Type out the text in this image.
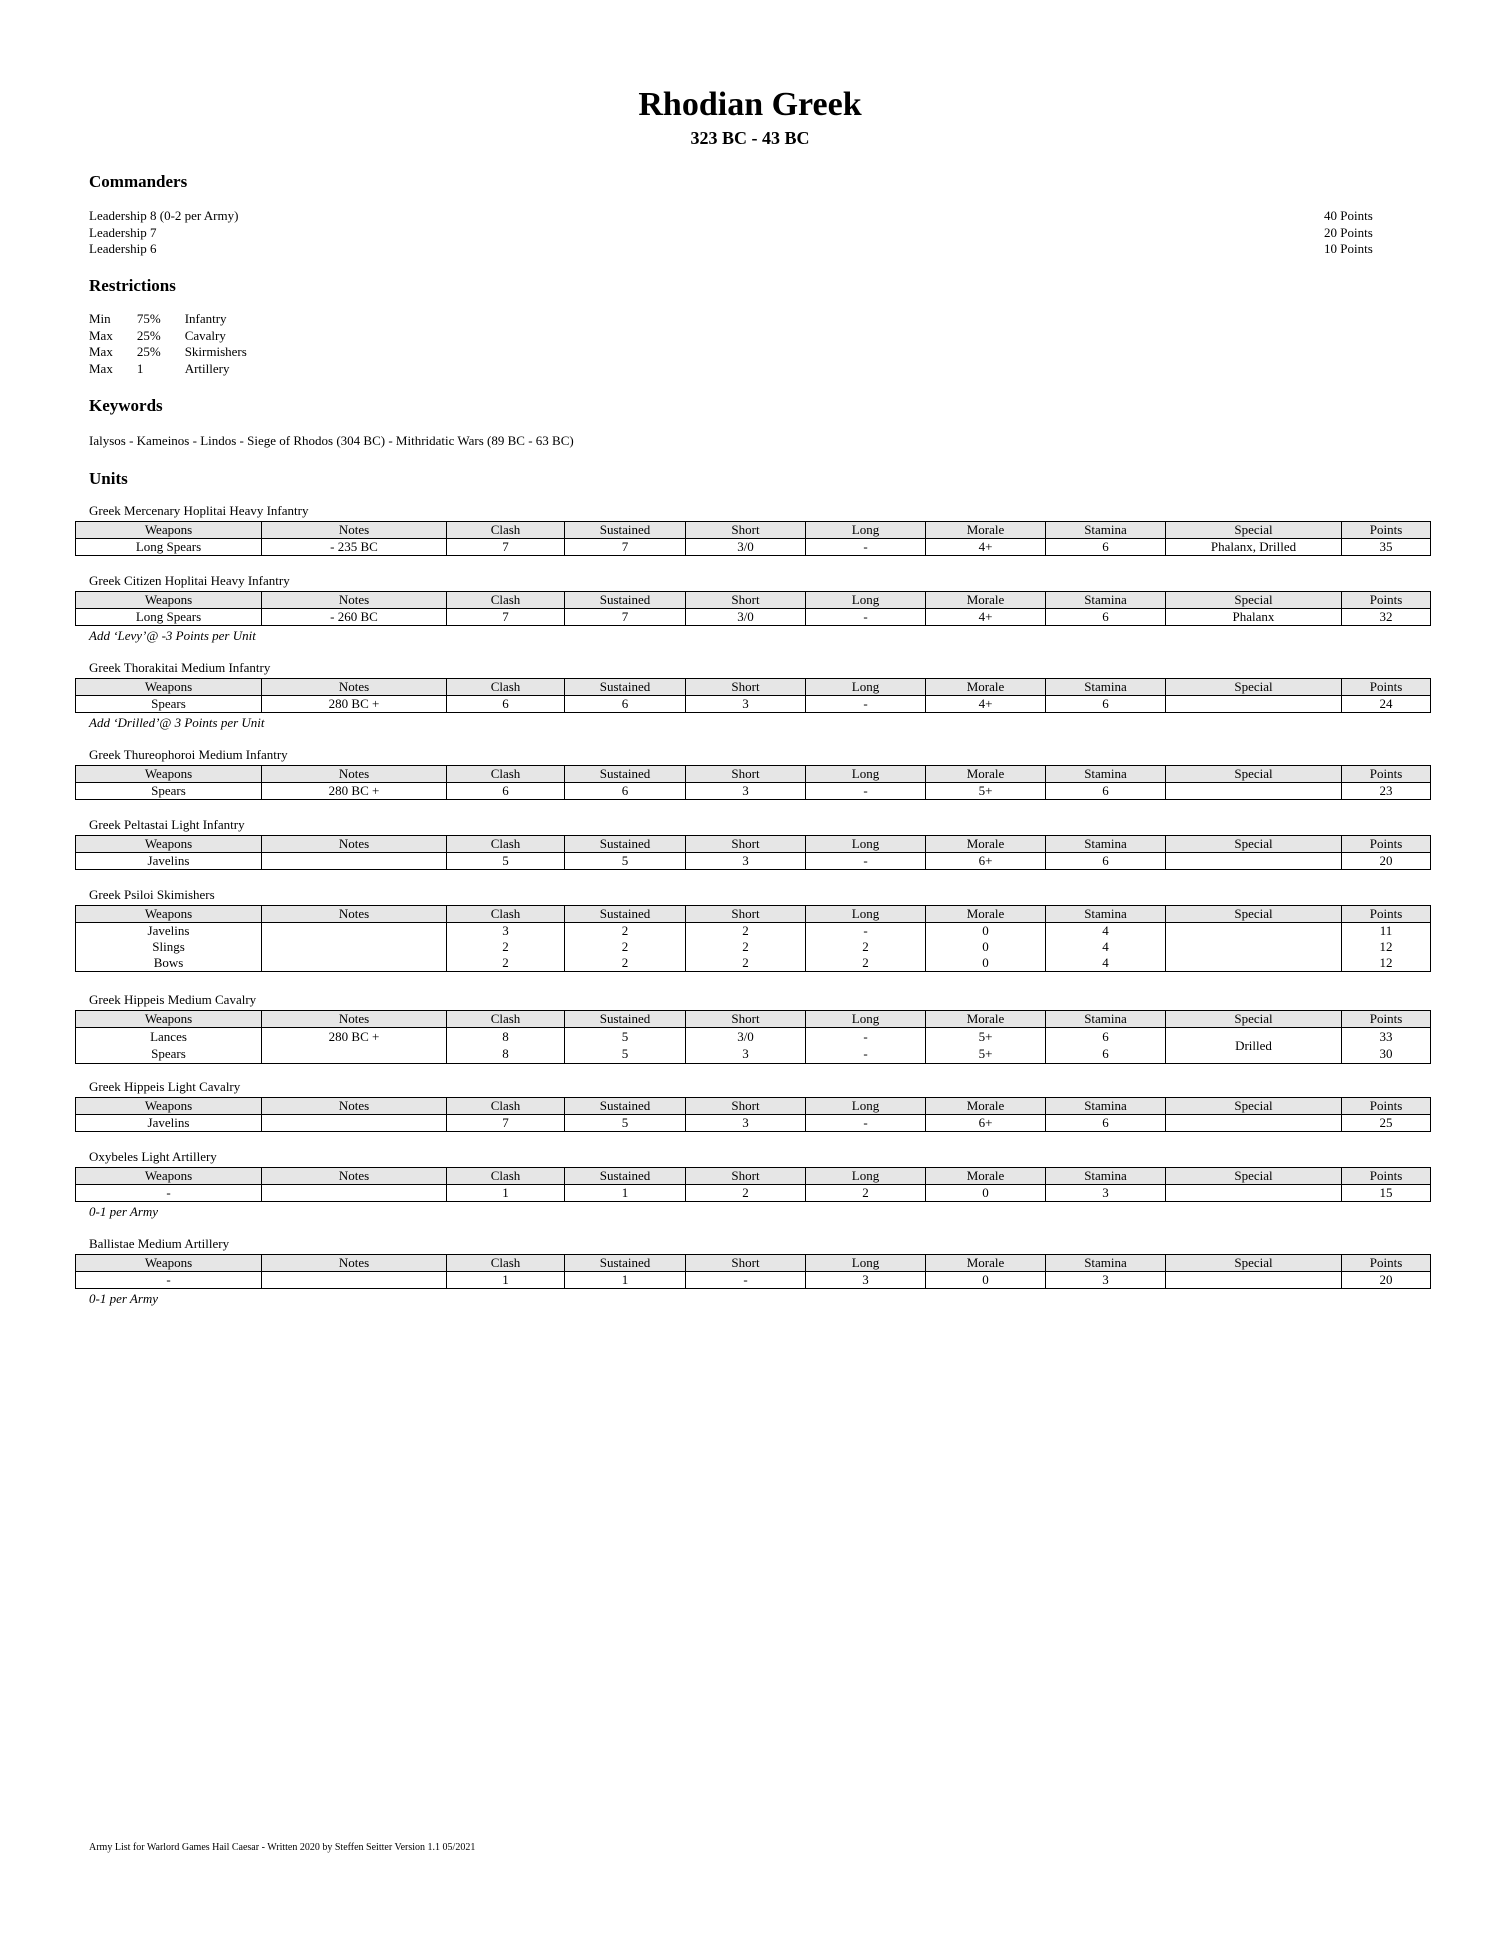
Rhodian Greek
323 BC - 43 BC
Commanders
Leadership 8 (0-2 per Army)	40 Points
Leadership 7	20 Points
Leadership 6	10 Points
Restrictions
Min	75%	Infantry
Max	25%	Cavalry
Max	25%	Skirmishers
Max	1	Artillery
Keywords
Ialysos - Kameinos - Lindos - Siege of Rhodos (304 BC) - Mithridatic Wars (89 BC - 63 BC)
Units
Greek Mercenary Hoplitai Heavy Infantry
Weapons	Notes	Clash	Sustained	Short	Long	Morale	Stamina	Special	Points
Long Spears	- 235 BC	7	7	3/0	-	4+	6	Phalanx, Drilled	35
Greek Citizen Hoplitai Heavy Infantry
Weapons	Notes	Clash	Sustained	Short	Long	Morale	Stamina	Special	Points
Long Spears	- 260 BC	7	7	3/0	-	4+	6	Phalanx	32
Add ‘Levy’@ -3 Points per Unit
Greek Thorakitai Medium Infantry
Weapons	Notes	Clash	Sustained	Short	Long	Morale	Stamina	Special	Points
Spears	280 BC +	6	6	3	-	4+	6		24
Add ‘Drilled’@ 3 Points per Unit
Greek Thureophoroi Medium Infantry
Weapons	Notes	Clash	Sustained	Short	Long	Morale	Stamina	Special	Points
Spears	280 BC +	6	6	3	-	5+	6		23
Greek Peltastai Light Infantry
Weapons	Notes	Clash	Sustained	Short	Long	Morale	Stamina	Special	Points
Javelins		5	5	3	-	6+	6		20
Greek Psiloi Skimishers
Weapons	Notes	Clash	Sustained	Short	Long	Morale	Stamina	Special	Points
Javelins		3	2	2	-	0	4		11
Slings		2	2	2	2	0	4		12
Bows		2	2	2	2	0	4		12
Greek Hippeis Medium Cavalry
Weapons	Notes	Clash	Sustained	Short	Long	Morale	Stamina	Special	Points
Lances	280 BC +	8	5	3/0	-	5+	6	Drilled	33
Spears		8	5	3	-	5+	6		30
Greek Hippeis Light Cavalry
Weapons	Notes	Clash	Sustained	Short	Long	Morale	Stamina	Special	Points
Javelins		7	5	3	-	6+	6		25
Oxybeles Light Artillery
Weapons	Notes	Clash	Sustained	Short	Long	Morale	Stamina	Special	Points
-		1	1	2	2	0	3		15
0-1 per Army
Ballistae Medium Artillery
Weapons	Notes	Clash	Sustained	Short	Long	Morale	Stamina	Special	Points
-		1	1	-	3	0	3		20
0-1 per Army
Army List for Warlord Games Hail Caesar - Written 2020 by Steffen Seitter Version 1.1 05/2021
